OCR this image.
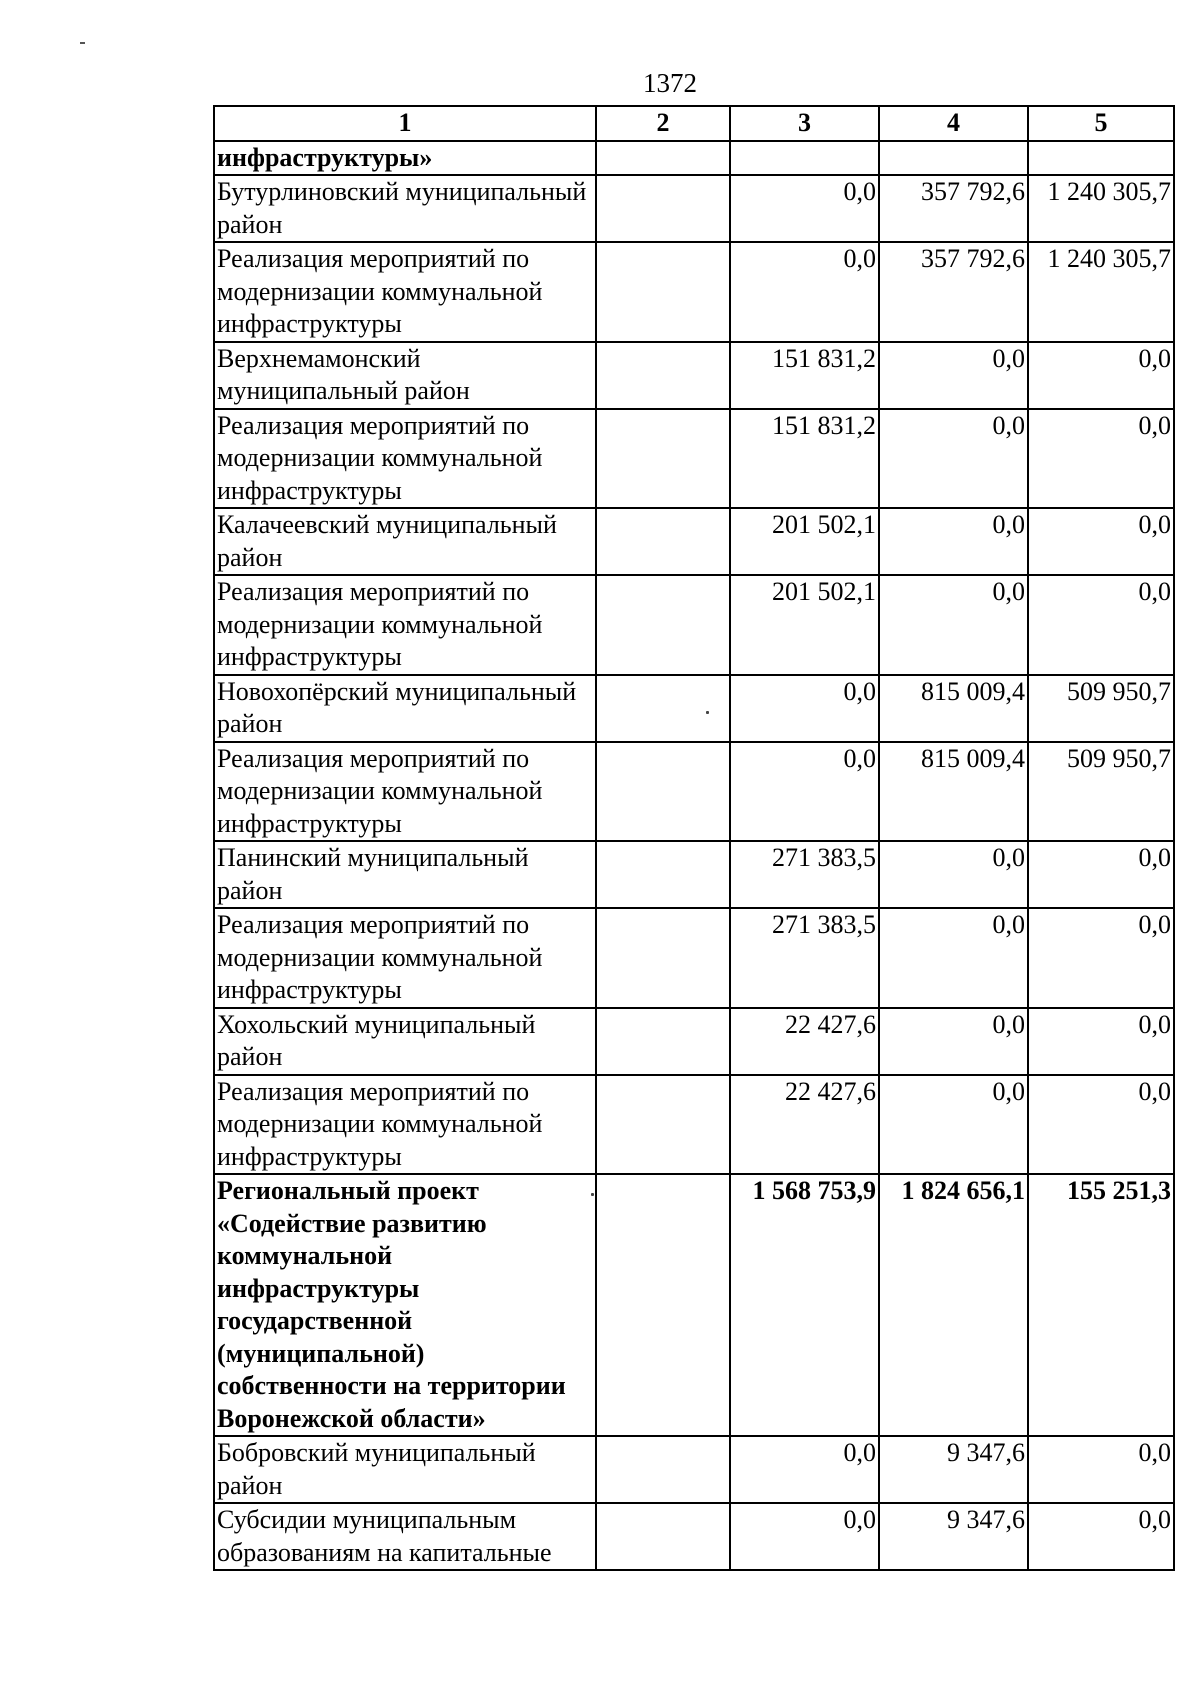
1372
1	2	3	4	5
инфраструктуры»				
Бутурлиновский муниципальный район		0,0	357 792,6	1 240 305,7
Реализация мероприятий по модернизации коммунальной инфраструктуры		0,0	357 792,6	1 240 305,7
Верхнемамонский муниципальный район		151 831,2	0,0	0,0
Реализация мероприятий по модернизации коммунальной инфраструктуры		151 831,2	0,0	0,0
Калачеевский муниципальный район		201 502,1	0,0	0,0
Реализация мероприятий по модернизации коммунальной инфраструктуры		201 502,1	0,0	0,0
Новохопёрский муниципальный район		0,0	815 009,4	509 950,7
Реализация мероприятий по модернизации коммунальной инфраструктуры		0,0	815 009,4	509 950,7
Панинский муниципальный район		271 383,5	0,0	0,0
Реализация мероприятий по модернизации коммунальной инфраструктуры		271 383,5	0,0	0,0
Хохольский муниципальный район		22 427,6	0,0	0,0
Реализация мероприятий по модернизации коммунальной инфраструктуры		22 427,6	0,0	0,0
Региональный проект «Содействие развитию коммунальной инфраструктуры государственной (муниципальной) собственности на территории Воронежской области»		1 568 753,9	1 824 656,1	155 251,3
Бобровский муниципальный район		0,0	9 347,6	0,0
Субсидии муниципальным образованиям на капитальные		0,0	9 347,6	0,0
